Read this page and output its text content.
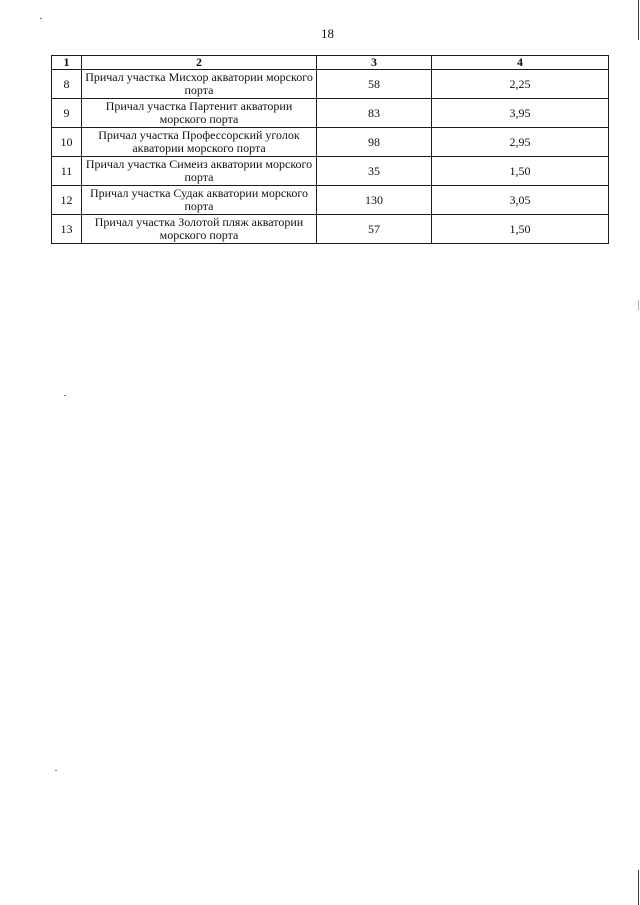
18
1	2	3	4
8	Причал участка Мисхор акватории морского порта	58	2,25
9	Причал участка Партенит акватории морского порта	83	3,95
10	Причал участка Профессорский уголок акватории морского порта	98	2,95
11	Причал участка Симеиз акватории морского порта	35	1,50
12	Причал участка Судак акватории морского порта	130	3,05
13	Причал участка Золотой пляж акватории морского порта	57	1,50
